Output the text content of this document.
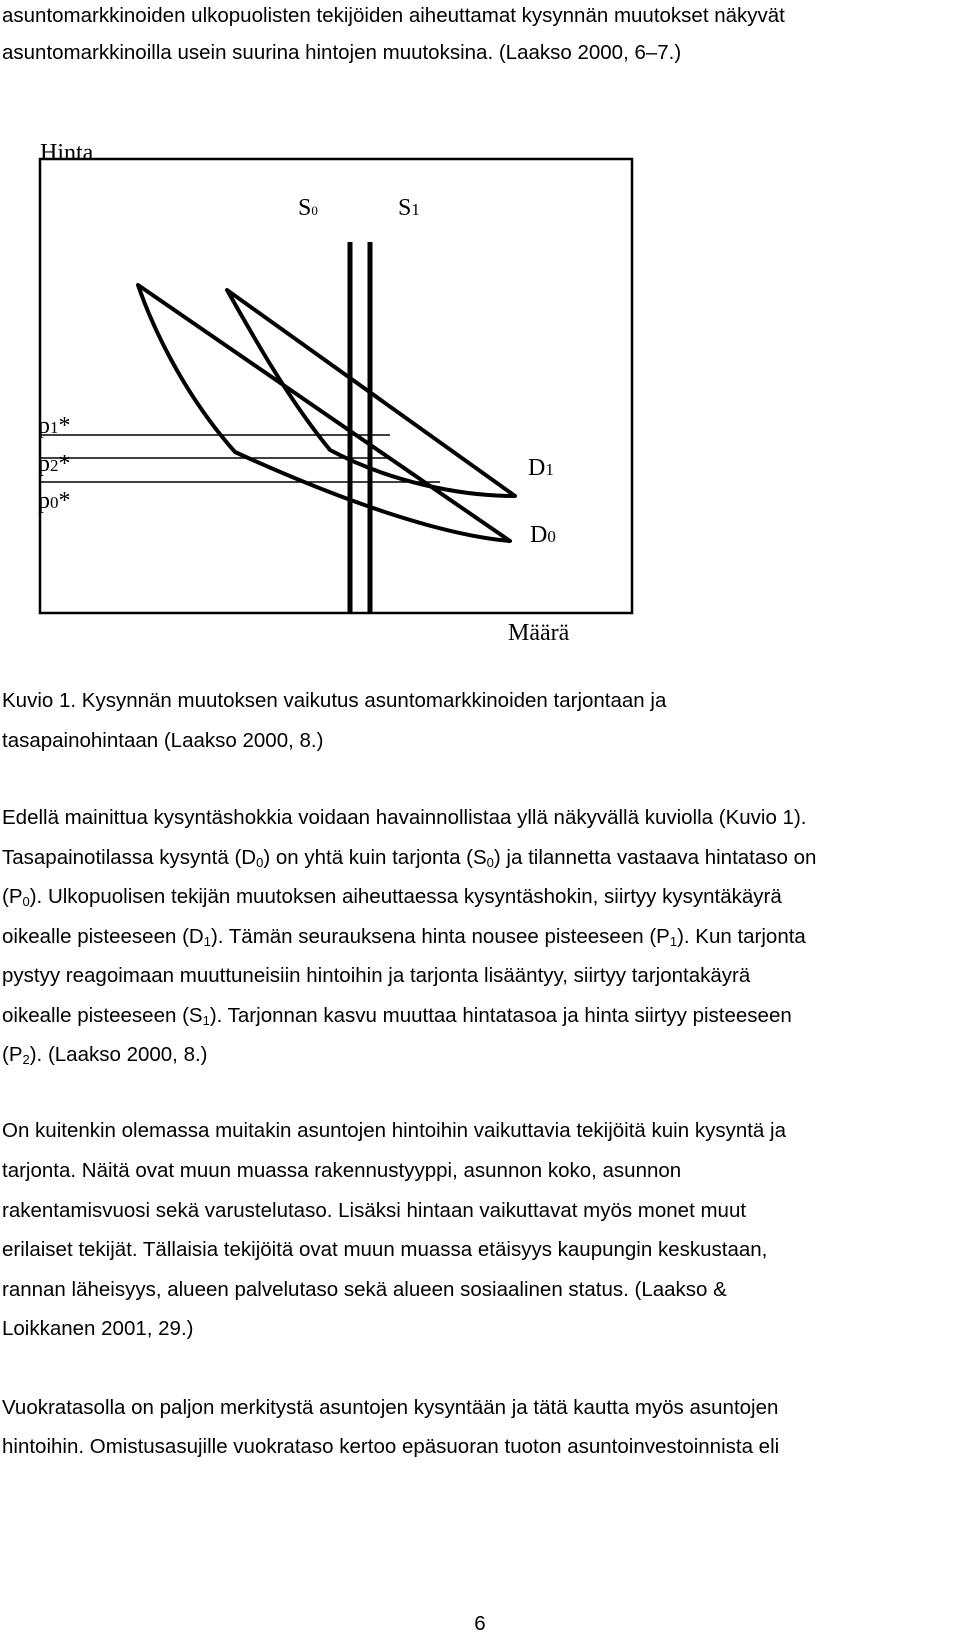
asuntomarkkinoiden ulkopuolisten tekijöiden aiheuttamat kysynnän muutokset näkyvät

asuntomarkkinoilla usein suurina hintojen muutoksina. (Laakso 2000, 6–7.)

Hinta
Määrä
S0	S1
D1
D0
p1*
p2*
p0*

Kuvio 1. Kysynnän muutoksen vaikutus asuntomarkkinoiden tarjontaan ja

tasapainohintaan (Laakso 2000, 8.)

Edellä mainittua kysyntäshokkia voidaan havainnollistaa yllä näkyvällä kuviolla (Kuvio 1).

Tasapainotilassa kysyntä $(D_0)$ on yhtä kuin tarjonta $(S_0)$ ja tilannetta vastaava hintataso on

$(P_0)$. Ulkopuolisen tekijän muutoksen aiheuttaessa kysyntäshokin, siirtyy kysyntäkäyrä

oikealle pisteeseen $(D_1)$. Tämän seurauksena hinta nousee pisteeseen $(P_1)$. Kun tarjonta

pystyy reagoimaan muuttuneisiin hintoihin ja tarjonta lisääntyy, siirtyy tarjontakäyrä

oikealle pisteeseen $(S_1)$. Tarjonnan kasvu muuttaa hintatasoa ja hinta siirtyy pisteeseen

$(P_2)$. (Laakso 2000, 8.)

On kuitenkin olemassa muitakin asuntojen hintoihin vaikuttavia tekijöitä kuin kysyntä ja

tarjonta. Näitä ovat muun muassa rakennustyyppi, asunnon koko, asunnon

rakentamisvuosi sekä varustelutaso. Lisäksi hintaan vaikuttavat myös monet muut

erilaiset tekijät. Tällaisia tekijöitä ovat muun muassa etäisyys kaupungin keskustaan,

rannan läheisyys, alueen palvelutaso sekä alueen sosiaalinen status. (Laakso &

Loikkanen 2001, 29.)

Vuokratasolla on paljon merkitystä asuntojen kysyntään ja tätä kautta myös asuntojen

hintoihin. Omistusasujille vuokrataso kertoo epäsuoran tuoton asuntoinvestoinnista eli

6
